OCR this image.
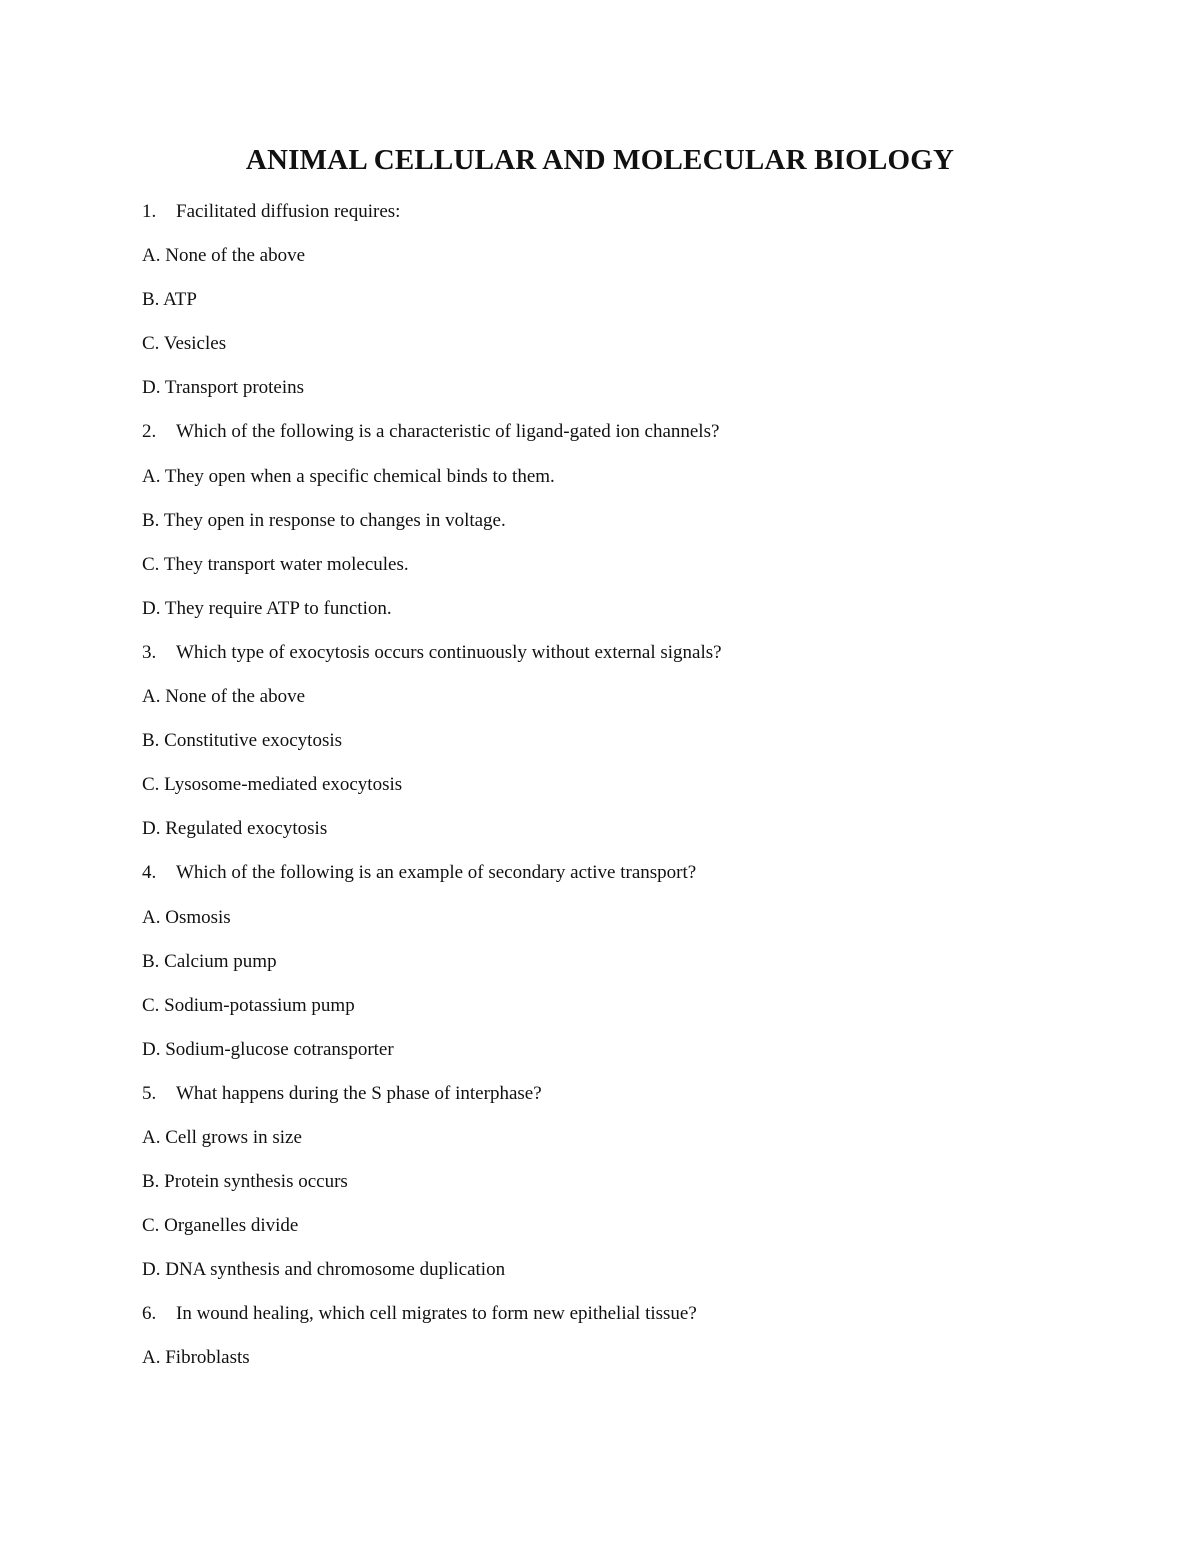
ANIMAL CELLULAR AND MOLECULAR BIOLOGY
1. Facilitated diffusion requires:
A. None of the above
B. ATP
C. Vesicles
D. Transport proteins
2. Which of the following is a characteristic of ligand-gated ion channels?
A. They open when a specific chemical binds to them.
B. They open in response to changes in voltage.
C. They transport water molecules.
D. They require ATP to function.
3. Which type of exocytosis occurs continuously without external signals?
A. None of the above
B. Constitutive exocytosis
C. Lysosome-mediated exocytosis
D. Regulated exocytosis
4. Which of the following is an example of secondary active transport?
A. Osmosis
B. Calcium pump
C. Sodium-potassium pump
D. Sodium-glucose cotransporter
5. What happens during the S phase of interphase?
A. Cell grows in size
B. Protein synthesis occurs
C. Organelles divide
D. DNA synthesis and chromosome duplication
6. In wound healing, which cell migrates to form new epithelial tissue?
A. Fibroblasts
